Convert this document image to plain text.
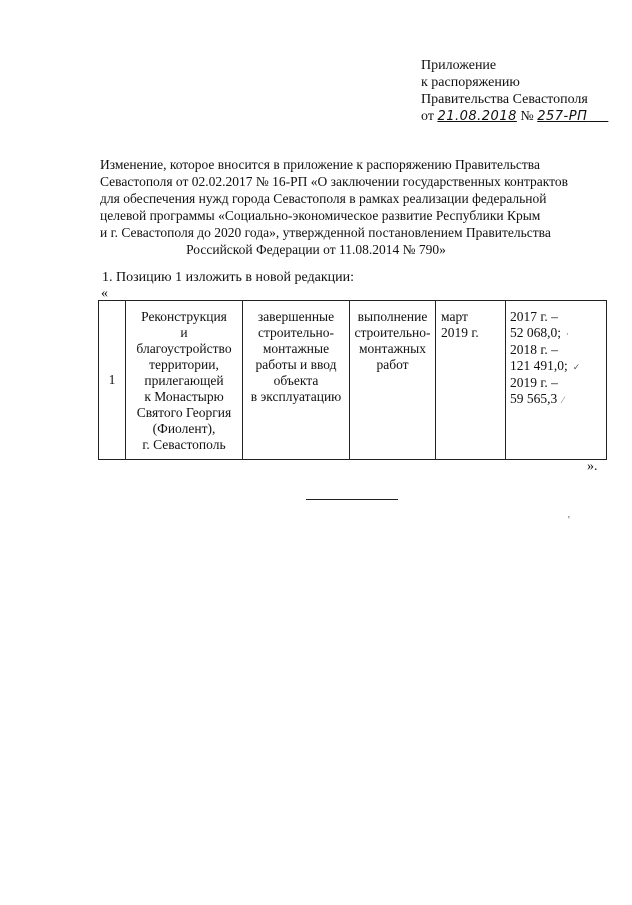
Приложение
к распоряжению
Правительства Севастополя
от 21.08.2018 № 257-РП
Изменение, которое вносится в приложение к распоряжению Правительства
Севастополя от 02.02.2017 № 16-РП «О заключении государственных контрактов
для обеспечения нужд города Севастополя в рамках реализации федеральной
целевой программы «Социально-экономическое развитие Республики Крым
и г. Севастополя до 2020 года», утвержденной постановлением Правительства
Российской Федерации от 11.08.2014 № 790»
1. Позицию 1 изложить в новой редакции:
«
1	
Реконструкция
и
благоустройство
территории,
прилегающей
к Монастырю
Святого Георгия
(Фиолент),
г. Севастополь

завершенные
строительно-
монтажные
работы и ввод
объекта
в эксплуатацию

выполнение
строительно-
монтажных
работ

март
2019 г.

2017 г. –
52 068,0; ·
2018 г. –
121 491,0; ✓
2019 г. –
59 565,3 ⁄
».
'
